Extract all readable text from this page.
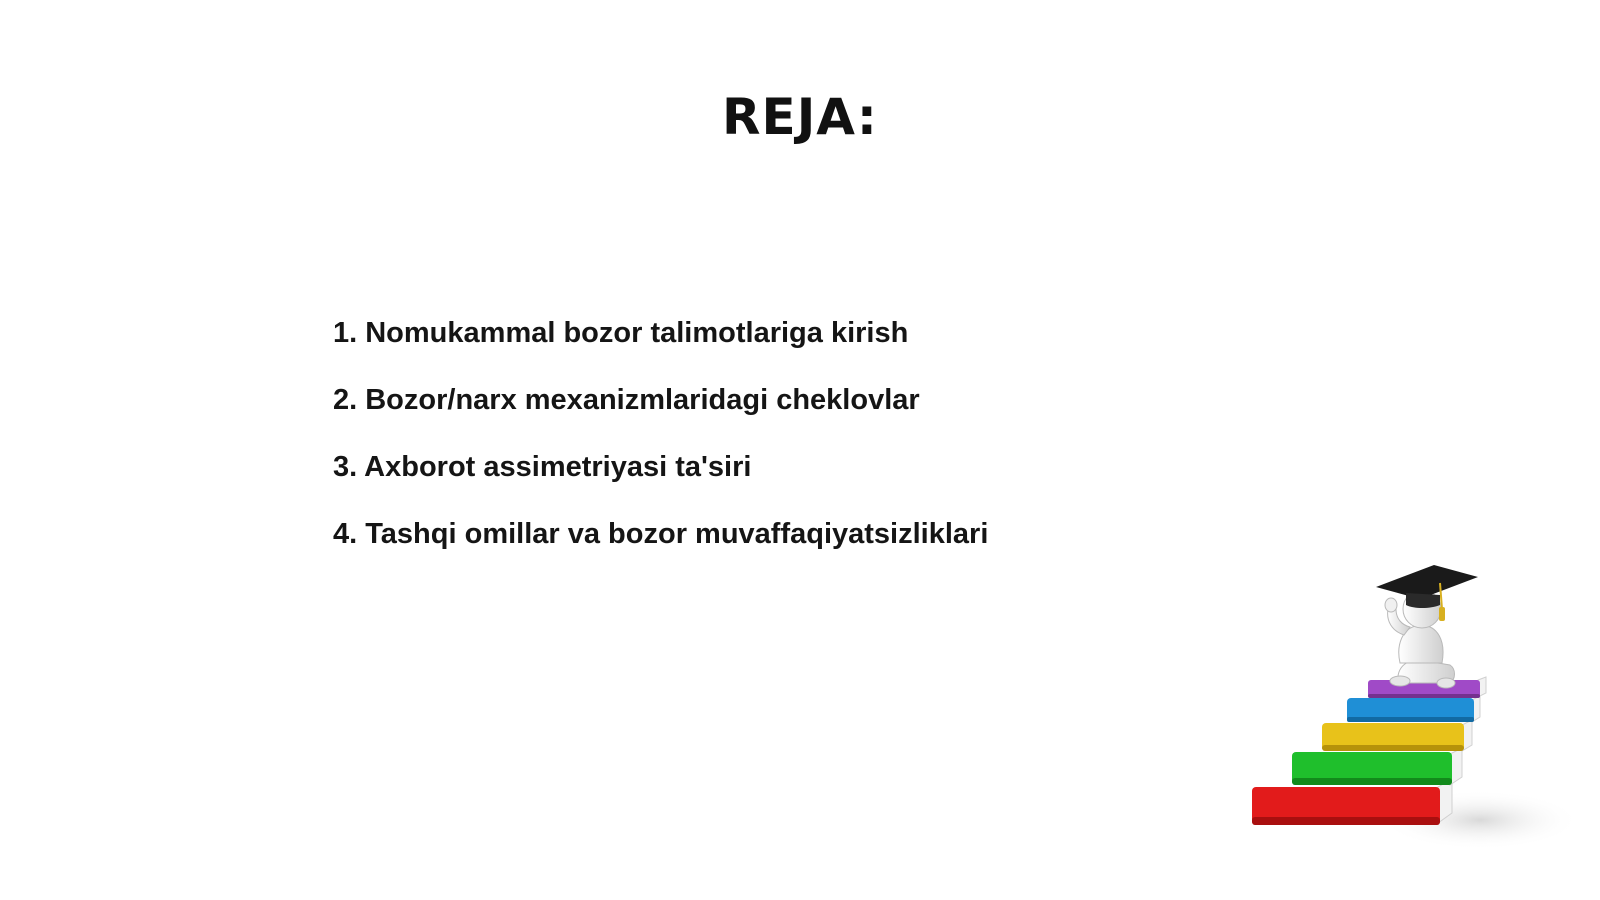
REJA:
1. Nomukammal bozor talimotlariga kirish
2. Bozor/narx mexanizmlaridagi cheklovlar
3. Axborot assimetriyasi ta'siri
4. Tashqi omillar va bozor muvaffaqiyatsizliklari
